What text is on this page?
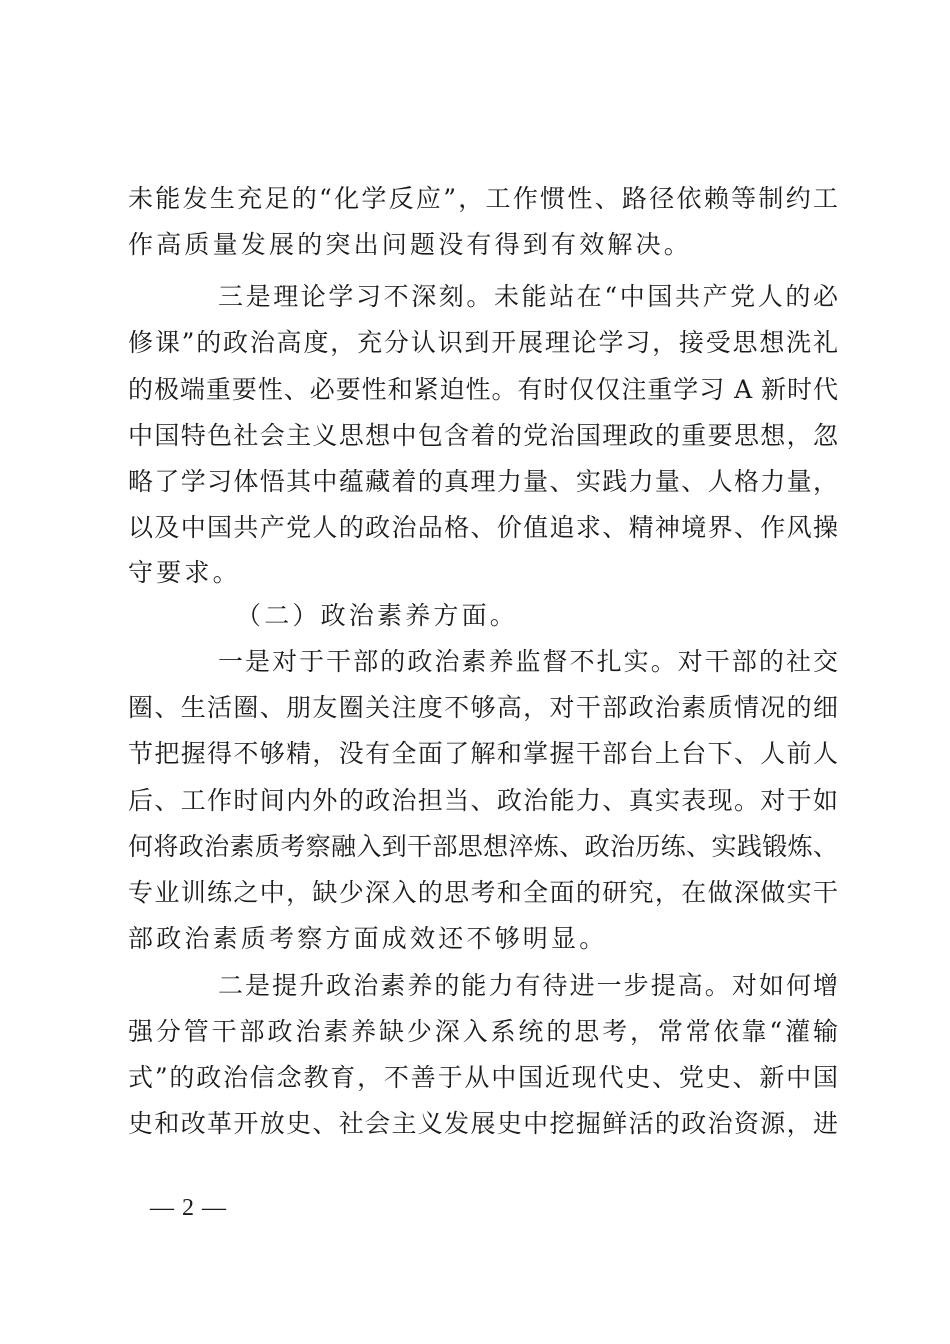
未能发生充足的“化学反应”，工作惯性、路径依赖等制约工
作高质量发展的突出问题没有得到有效解决。
三是理论学习不深刻。未能站在“中国共产党人的必
修课”的政治高度，充分认识到开展理论学习，接受思想洗礼
的极端重要性、必要性和紧迫性。有时仅仅注重学习 A 新时代
中国特色社会主义思想中包含着的党治国理政的重要思想，忽
略了学习体悟其中蕴藏着的真理力量、实践力量、人格力量，
以及中国共产党人的政治品格、价值追求、精神境界、作风操
守要求。
（二）政治素养方面。
一是对于干部的政治素养监督不扎实。对干部的社交
圈、生活圈、朋友圈关注度不够高，对干部政治素质情况的细
节把握得不够精，没有全面了解和掌握干部台上台下、人前人
后、工作时间内外的政治担当、政治能力、真实表现。对于如
何将政治素质考察融入到干部思想淬炼、政治历练、实践锻炼、
专业训练之中，缺少深入的思考和全面的研究，在做深做实干
部政治素质考察方面成效还不够明显。
二是提升政治素养的能力有待进一步提高。对如何增
强分管干部政治素养缺少深入系统的思考，常常依靠“灌输
式”的政治信念教育，不善于从中国近现代史、党史、新中国
史和改革开放史、社会主义发展史中挖掘鲜活的政治资源，进
— 2 —
